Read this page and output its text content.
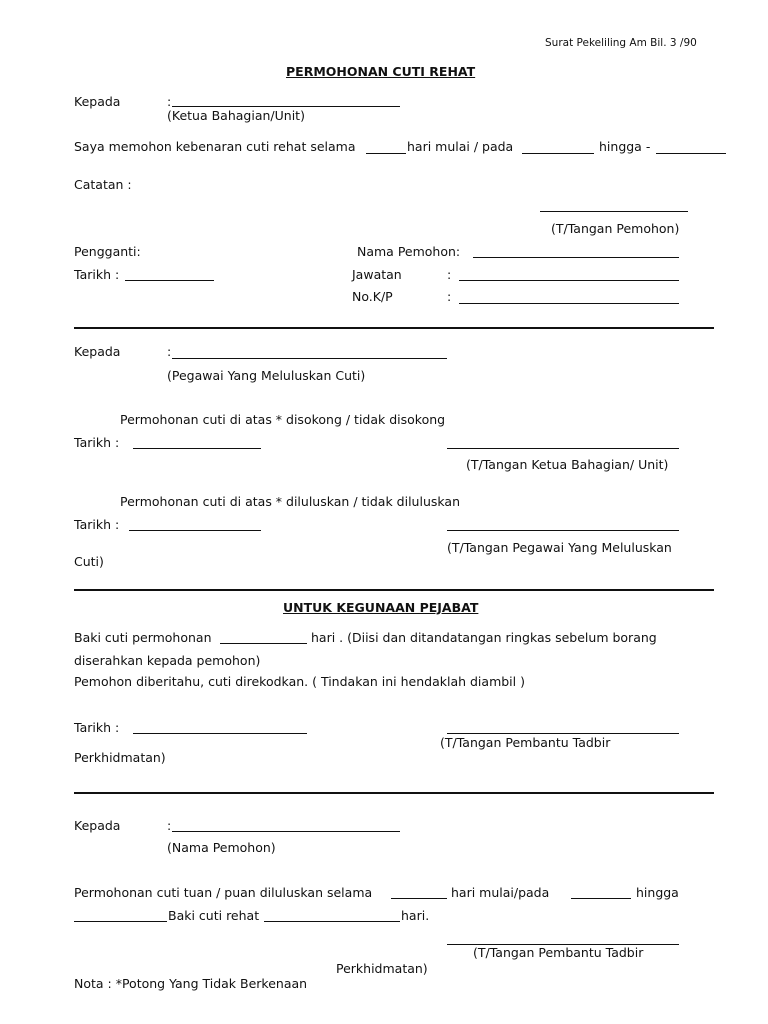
Surat Pekeliling Am Bil. 3 /90
PERMOHONAN CUTI REHAT
Kepada	:
(Ketua Bahagian/Unit)
Saya memohon kebenaran cuti rehat selama	hari mulai / pada	hingga -
Catatan :
(T/Tangan Pemohon)
Pengganti:	Nama Pemohon:
Tarikh :	Jawatan	:
No.K/P	:
Kepada	:
(Pegawai Yang Meluluskan Cuti)
Permohonan cuti di atas * disokong / tidak disokong
Tarikh :
(T/Tangan Ketua Bahagian/ Unit)
Permohonan cuti di atas * diluluskan / tidak diluluskan
Tarikh :
(T/Tangan Pegawai Yang Meluluskan
Cuti)
UNTUK KEGUNAAN PEJABAT
Baki cuti permohonan	hari . (Diisi dan ditandatangan ringkas sebelum borang
diserahkan kepada pemohon)
Pemohon diberitahu, cuti direkodkan. ( Tindakan ini hendaklah diambil )
Tarikh :
(T/Tangan Pembantu Tadbir
Perkhidmatan)
Kepada	:
(Nama Pemohon)
Permohonan cuti tuan / puan diluluskan selama	hari mulai/pada	hingga
Baki cuti rehat	hari.
(T/Tangan Pembantu Tadbir
Perkhidmatan)
Nota : *Potong Yang Tidak Berkenaan
